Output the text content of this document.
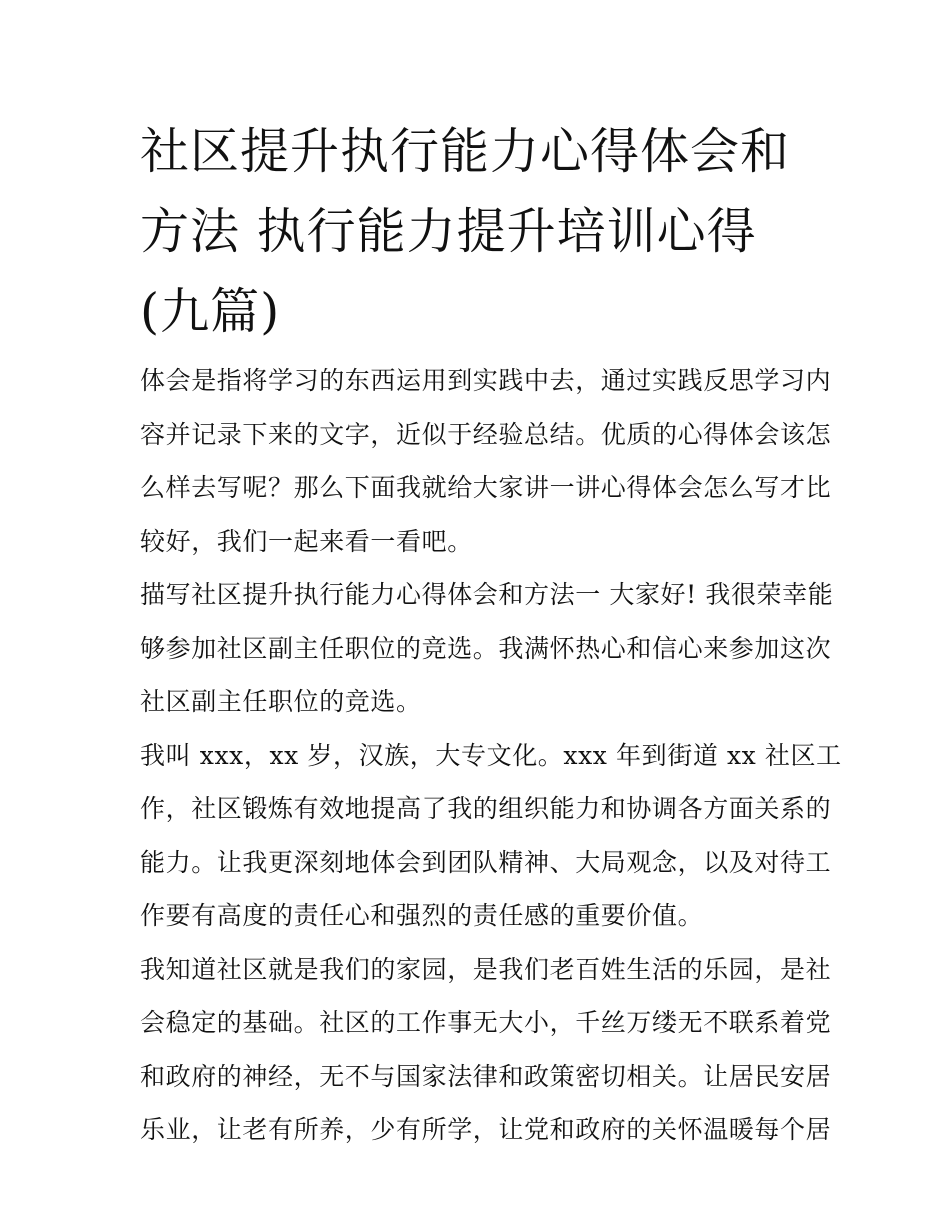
社区提升执行能力心得体会和
方法 执行能力提升培训心得
(九篇)

体会是指将学习的东西运用到实践中去，通过实践反思学习内
容并记录下来的文字，近似于经验总结。优质的心得体会该怎
么样去写呢？那么下面我就给大家讲一讲心得体会怎么写才比
较好，我们一起来看一看吧。

描写社区提升执行能力心得体会和方法一 大家好! 我很荣幸能
够参加社区副主任职位的竞选。我满怀热心和信心来参加这次
社区副主任职位的竞选。

我叫 xxx，xx 岁，汉族，大专文化。xxx 年到街道 xx 社区工
作，社区锻炼有效地提高了我的组织能力和协调各方面关系的
能力。让我更深刻地体会到团队精神、大局观念，以及对待工
作要有高度的责任心和强烈的责任感的重要价值。

我知道社区就是我们的家园，是我们老百姓生活的乐园，是社
会稳定的基础。社区的工作事无大小，千丝万缕无不联系着党
和政府的神经，无不与国家法律和政策密切相关。让居民安居
乐业，让老有所养，少有所学，让党和政府的关怀温暖每个居
